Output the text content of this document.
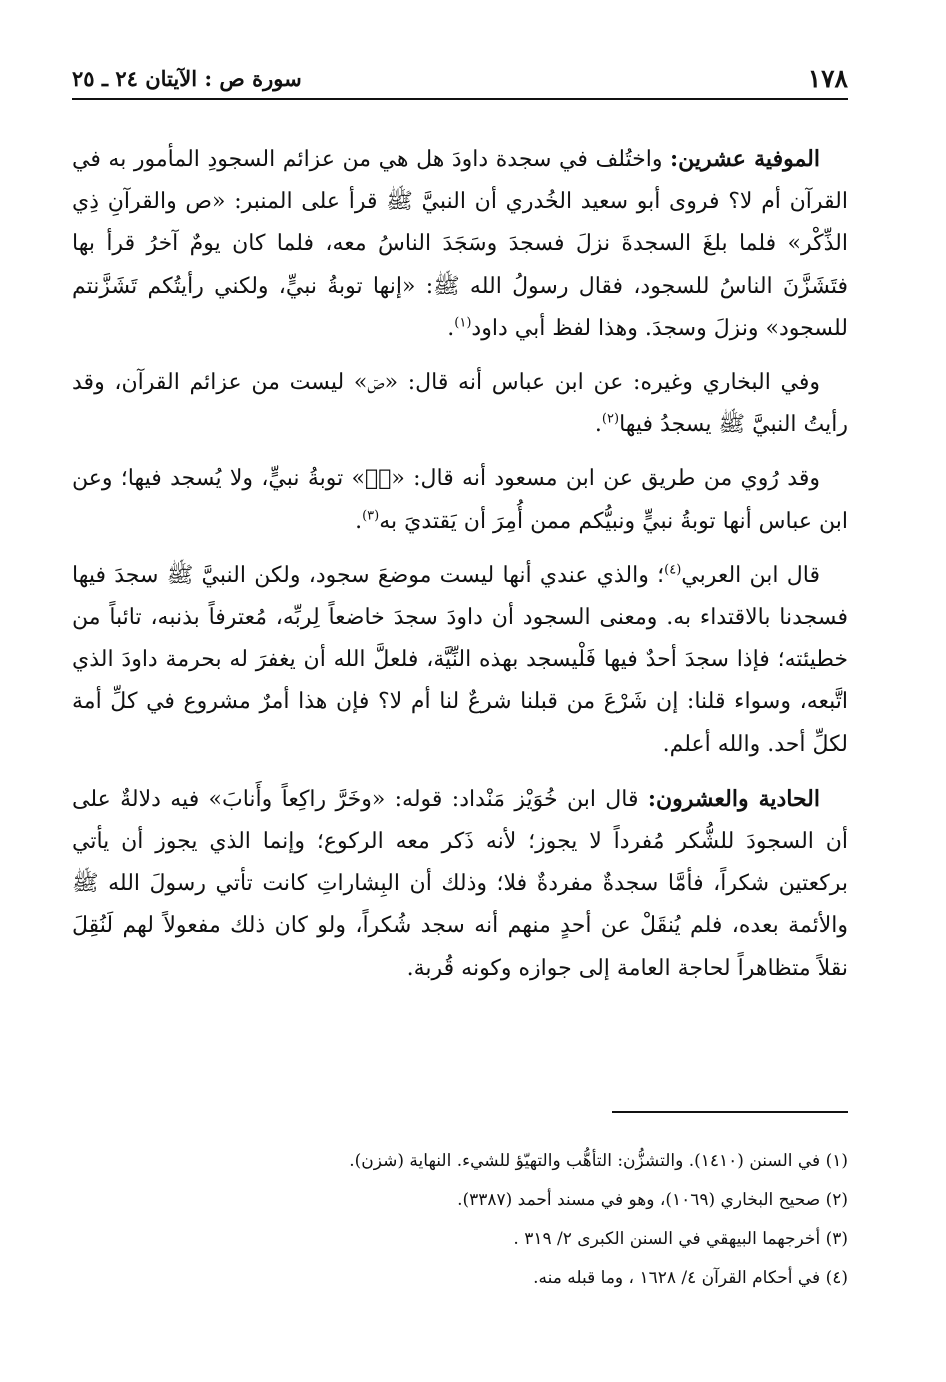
١٧٨
سورة ص : الآيتان ٢٤ ـ ٢٥

الموفية عشرين: واختُلف في سجدة داودَ هل هي من عزائم السجودِ المأمور به في القرآن أم لا؟ فروى أبو سعيد الخُدري أن النبيَّ ﷺ قرأ على المنبر: «ص والقرآنِ ذِي الذِّكْر» فلما بلغَ السجدةَ نزلَ فسجدَ وسَجَدَ الناسُ معه، فلما كان يومٌ آخرُ قرأ بها فتَشَزَّنَ الناسُ للسجود، فقال رسولُ الله ﷺ: «إنها توبةُ نبيٍّ، ولكني رأيتُكم تَشَزَّنتم للسجود» ونزلَ وسجدَ. وهذا لفظ أبي داود$^{(١)}$.

وفي البخاري وغيره: عن ابن عباس أنه قال: «صۤ» ليست من عزائم القرآن، وقد رأيتُ النبيَّ ﷺ يسجدُ فيها$^{(٢)}$.

وقد رُوي من طريق عن ابن مسعود أنه قال: «صۤ» توبةُ نبيٍّ، ولا يُسجد فيها؛ وعن ابن عباس أنها توبةُ نبيٍّ ونبيُّكم ممن أُمِرَ أن يَقتديَ به$^{(٣)}$.

قال ابن العربي$^{(٤)}$؛ والذي عندي أنها ليست موضعَ سجود، ولكن النبيَّ ﷺ سجدَ فيها فسجدنا بالاقتداء به. ومعنى السجود أن داودَ سجدَ خاضعاً لِربِّه، مُعترفاً بذنبه، تائباً من خطيئته؛ فإذا سجدَ أحدٌ فيها فَلْيسجد بهذه النِّيَّة، فلعلَّ الله أن يغفرَ له بحرمة داودَ الذي اتَّبعه، وسواء قلنا: إن شَرْعَ من قبلنا شرعٌ لنا أم لا؟ فإن هذا أمرٌ مشروع في كلِّ أمة لكلِّ أحد. والله أعلم.

الحادية والعشرون: قال ابن خُوَيْز مَنْداد: قوله: «وخَرَّ راكِعاً وأَنابَ» فيه دلالةٌ على أن السجودَ للشُّكر مُفرداً لا يجوز؛ لأنه ذَكر معه الركوع؛ وإنما الذي يجوز أن يأتي بركعتين شكراً، فأمَّا سجدةٌ مفردةٌ فلا؛ وذلك أن البِشاراتِ كانت تأتي رسولَ الله ﷺ والأئمة بعده، فلم يُنقَلْ عن أحدٍ منهم أنه سجد شُكراً، ولو كان ذلك مفعولاً لهم لَنُقِلَ نقلاً متظاهراً لحاجة العامة إلى جوازه وكونه قُربة.

(١) في السنن (١٤١٠). والتشزُّن: التأهُّب والتهيّؤ للشيء. النهاية (شزن).

(٢) صحيح البخاري (١٠٦٩)، وهو في مسند أحمد (٣٣٨٧).

(٣) أخرجهما البيهقي في السنن الكبرى ٢/ ٣١٩ .

(٤) في أحكام القرآن ٤/ ١٦٢٨ ، وما قبله منه.
